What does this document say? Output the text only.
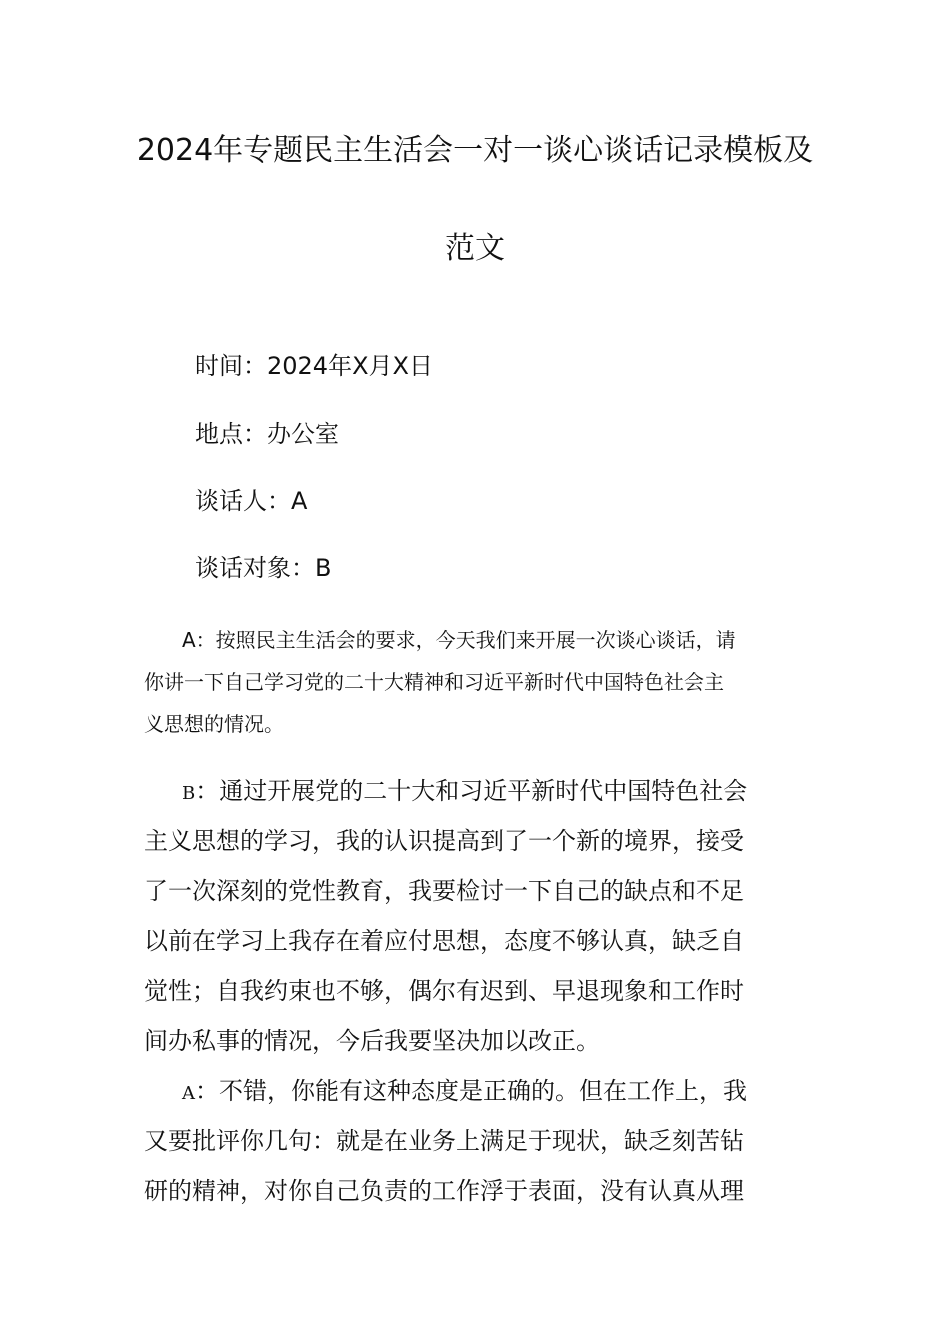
2024年专题民主生活会一对一谈心谈话记录模板及
范文
时间：2024年X月X日
地点：办公室
谈话人：A
谈话对象：B
A：按照民主生活会的要求，今天我们来开展一次谈心谈话，请
你讲一下自己学习党的二十大精神和习近平新时代中国特色社会主
义思想的情况。
B：通过开展党的二十大和习近平新时代中国特色社会
主义思想的学习，我的认识提高到了一个新的境界，接受
了一次深刻的党性教育，我要检讨一下自己的缺点和不足
以前在学习上我存在着应付思想，态度不够认真，缺乏自
觉性；自我约束也不够，偶尔有迟到、早退现象和工作时
间办私事的情况，今后我要坚决加以改正。
A：不错，你能有这种态度是正确的。但在工作上，我
又要批评你几句：就是在业务上满足于现状，缺乏刻苦钻
研的精神，对你自己负责的工作浮于表面，没有认真从理
